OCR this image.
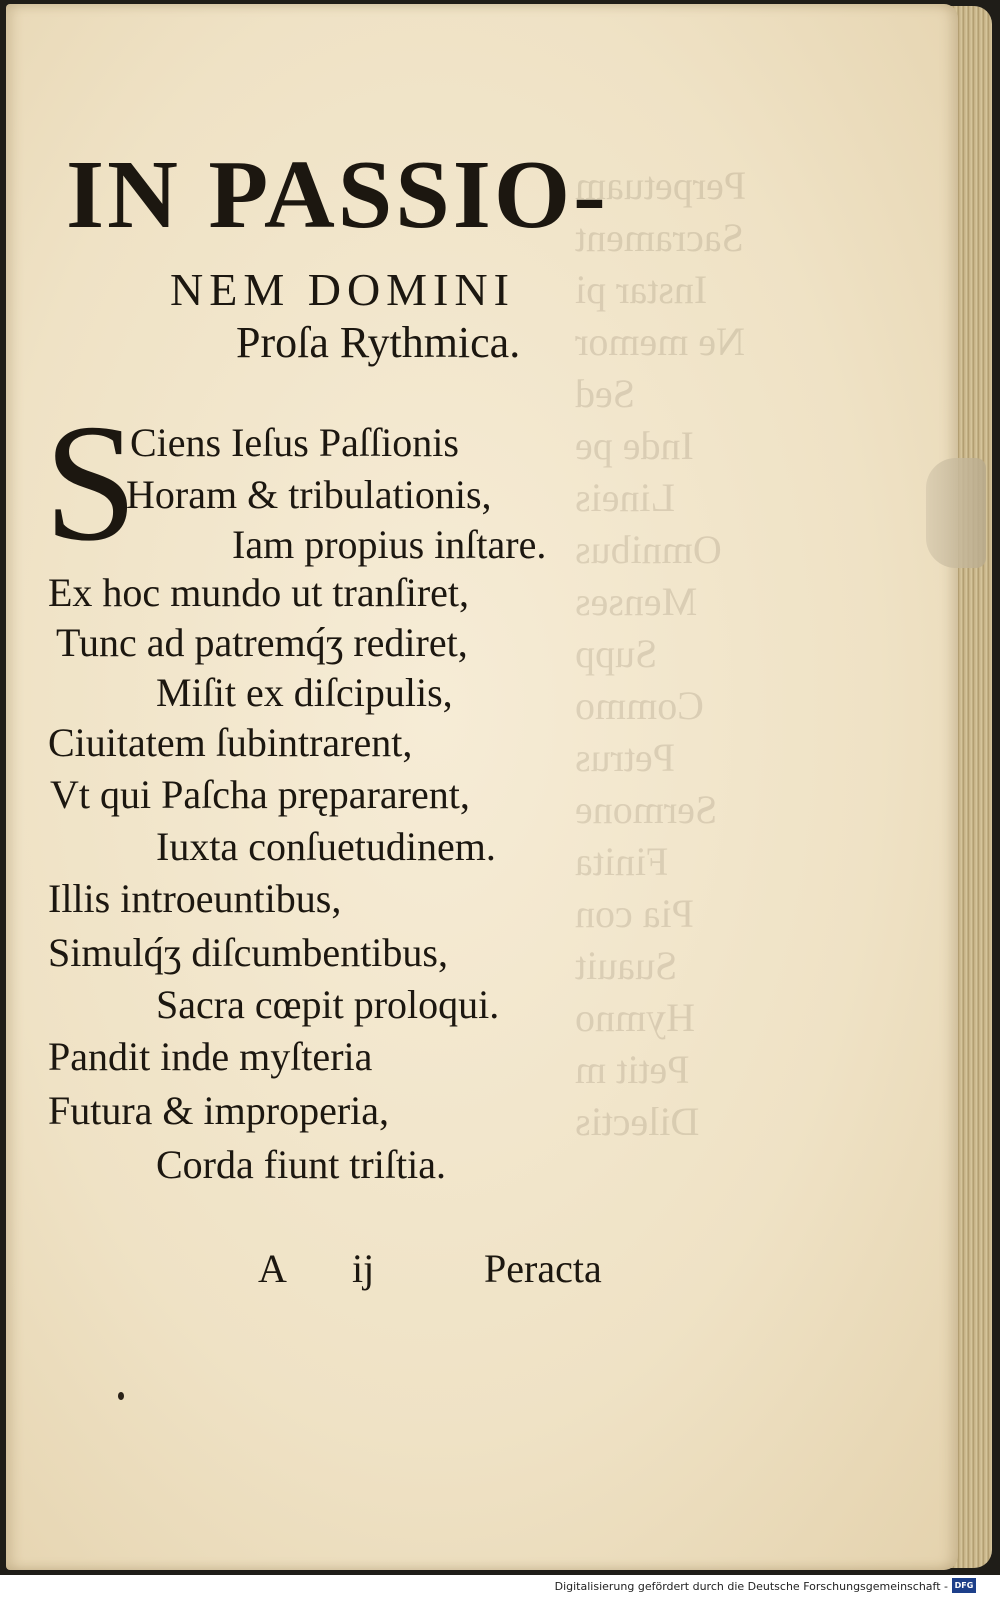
Perpetuam
Sacrament
Instar pi
Ne memor
Sed
Inde pe
Lineis
Omnibus
Menses
Supp
Commo
Petrus
Sermone
Finita
Pia con
Suauit
Hymno
Petit m
Dilectis
IN PASSIO-
NEM DOMINI
Proſa Rythmica.
S
Ciens Ieſus Paſſionis
Horam & tribulationis,
Iam propius inſtare.
Ex hoc mundo ut tranſiret,
Tunc ad patremq́ʒ rediret,
Miſit ex diſcipulis,
Ciuitatem ſubintrarent,
Vt qui Paſcha prępararent,
Iuxta conſuetudinem.
Illis introeuntibus,
Simulq́ʒ diſcumbentibus,
Sacra cœpit proloqui.
Pandit inde myſteria
Futura & improperia,
Corda fiunt triſtia.
A ij	Peracta
Digitalisierung gefördert durch die Deutsche Forschungsgemeinschaft - DFG
